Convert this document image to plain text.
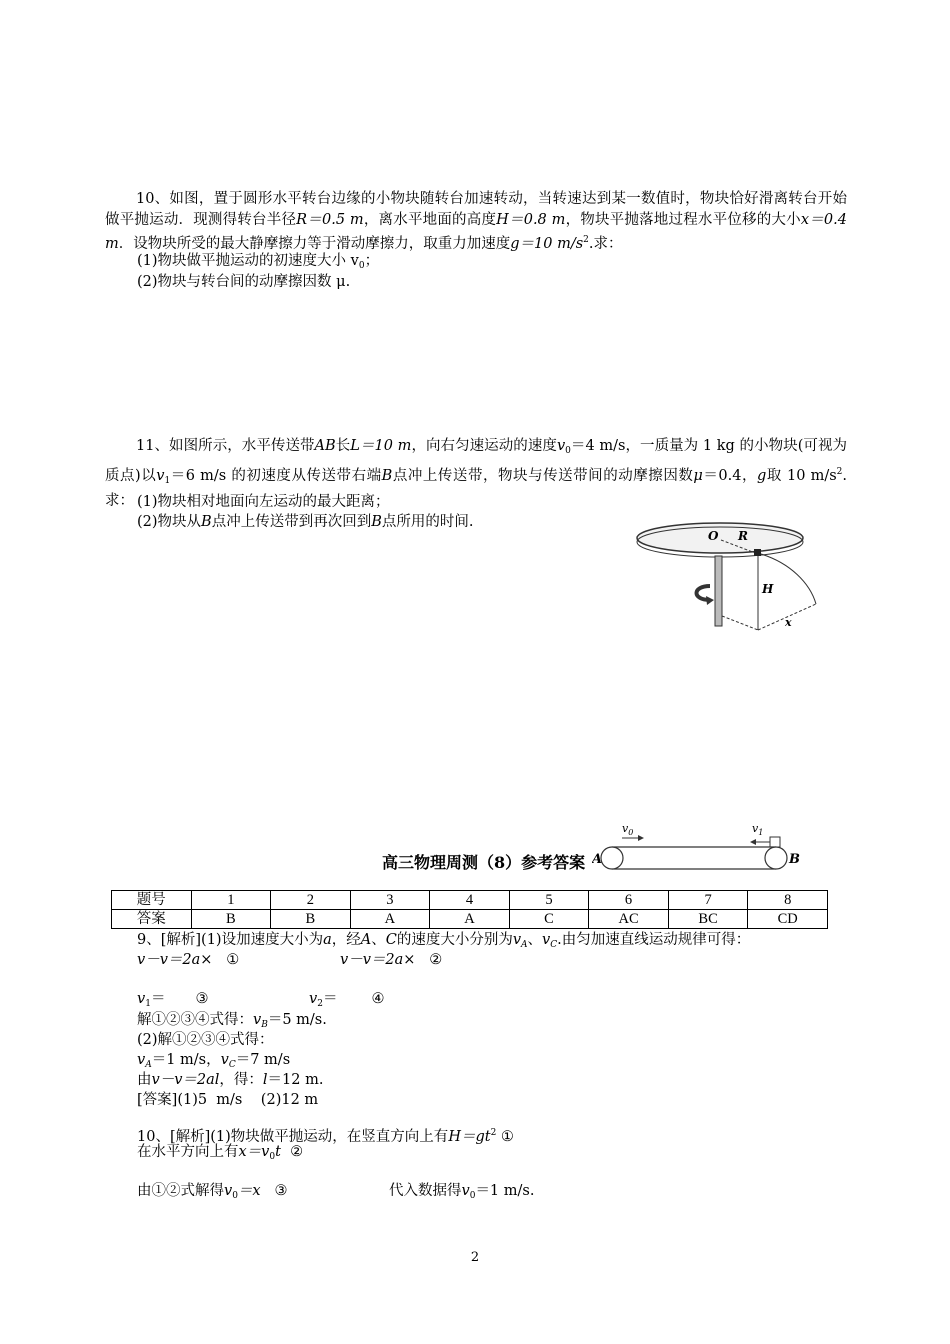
10、如图，置于圆形水平转台边缘的小物块随转台加速转动，当转速达到某一数值时，物块恰好滑离转台开始做平抛运动．现测得转台半径R＝0.5 m，离水平地面的高度H＝0.8 m，物块平抛落地过程水平位移的大小x＝0.4 m．设物块所受的最大静摩擦力等于滑动摩擦力，取重力加速度g＝10 $m/s^2$.求：
(1)物块做平抛运动的初速度大小 $v_0$；
(2)物块与转台间的动摩擦因数 μ.
11、如图所示，水平传送带AB长L＝10 m，向右匀速运动的速度$v_0=4$ m/s，一质量为 1 kg 的小物块(可视为质点)以$v_1=6$ m/s 的初速度从传送带右端B点冲上传送带，物块与传送带间的动摩擦因数μ＝0.4，g取 10 $m/s^2$.求： (1)物块相对地面向左运动的最大距离；
(2)物块从B点冲上传送带到再次回到B点所用的时间.
O R
H
x
$v_0$	$v_1$
A	B
高三物理周测（8）参考答案
题号	1	2	3	4	5	6	7	8
答案	B	B	A	A	C	AC	BC	CD
9、[解析](1)设加速度大小为a，经A、C的速度大小分别为$v_A$、$v_C$.由匀加速直线运动规律可得：
v－v＝2a× ①	v－v＝2a× ②
$v_1=$ ③	$v_2=$ ④
解①②③④式得：$v_B=5$ m/s.
(2)解①②③④式得：
$v_A=1$ m/s，$v_C=7$ m/s
由v－v＝2al，得：l＝12 m.
[答案](1)5  m/s    (2)12 m
10、[解析](1)物块做平抛运动，在竖直方向上有$H=gt^2$ ①
在水平方向上有$x=v_0t$ ②
由①②式解得$v_0=x$ ③	代入数据得$v_0=1$ m/s.
2
